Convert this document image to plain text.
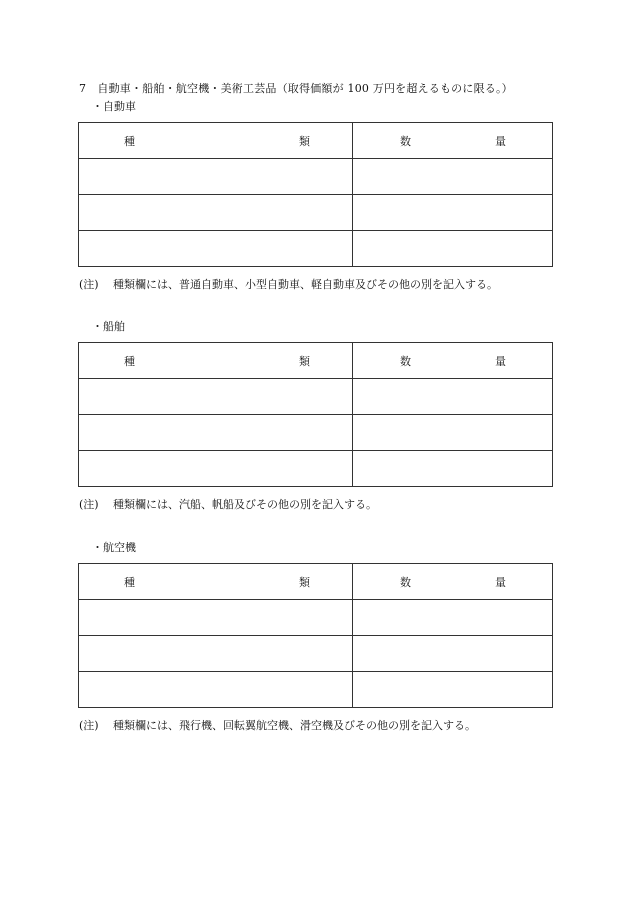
7　自動車・船舶・航空機・美術工芸品（取得価額が 100 万円を超えるものに限る。）
・自動車
種 類	数 量

(注) 種類欄には、普通自動車、小型自動車、軽自動車及びその他の別を記入する。
・船舶
種 類	数 量

(注) 種類欄には、汽船、帆船及びその他の別を記入する。
・航空機
種 類	数 量

(注) 種類欄には、飛行機、回転翼航空機、滑空機及びその他の別を記入する。
